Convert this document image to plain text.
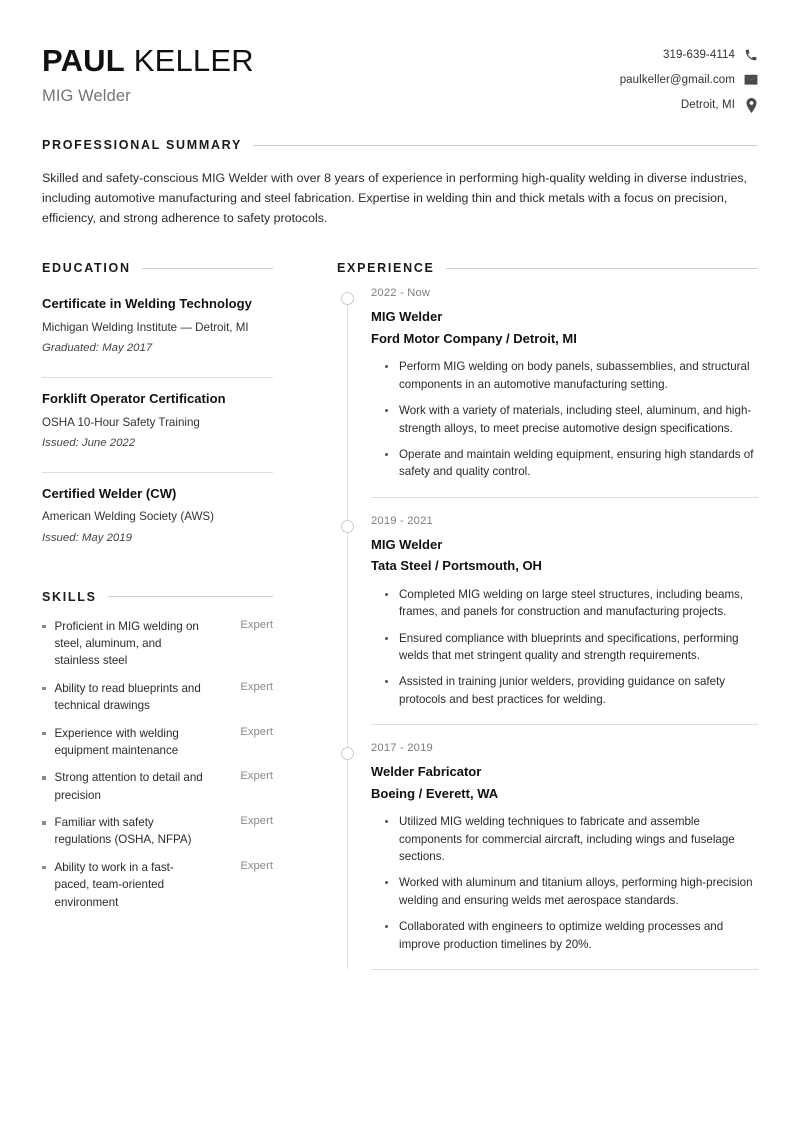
PAUL KELLER
MIG Welder
319-639-4114
paulkeller@gmail.com
Detroit, MI
PROFESSIONAL SUMMARY

Skilled and safety-conscious MIG Welder with over 8 years of experience in performing high-quality welding in diverse industries, including automotive manufacturing and steel fabrication. Expertise in welding thin and thick metals with a focus on precision, efficiency, and strong adherence to safety protocols.

EDUCATION
Certificate in Welding Technology
Michigan Welding Institute — Detroit, MI
Graduated: May 2017
Forklift Operator Certification
OSHA 10-Hour Safety Training
Issued: June 2022
Certified Welder (CW)
American Welding Society (AWS)
Issued: May 2019
SKILLS
Proficient in MIG welding on steel, aluminum, and stainless steel
Expert
Ability to read blueprints and technical drawings
Expert
Experience with welding equipment maintenance
Expert
Strong attention to detail and precision
Expert
Familiar with safety regulations (OSHA, NFPA)
Expert
Ability to work in a fast-paced, team-oriented environment
Expert
EXPERIENCE
2022 - Now
MIG Welder
Ford Motor Company / Detroit, MI
Perform MIG welding on body panels, subassemblies, and structural components in an automotive manufacturing setting.
Work with a variety of materials, including steel, aluminum, and high-strength alloys, to meet precise automotive design specifications.
Operate and maintain welding equipment, ensuring high standards of safety and quality control.
2019 - 2021
MIG Welder
Tata Steel / Portsmouth, OH
Completed MIG welding on large steel structures, including beams, frames, and panels for construction and manufacturing projects.
Ensured compliance with blueprints and specifications, performing welds that met stringent quality and strength requirements.
Assisted in training junior welders, providing guidance on safety protocols and best practices for welding.
2017 - 2019
Welder Fabricator
Boeing / Everett, WA
Utilized MIG welding techniques to fabricate and assemble components for commercial aircraft, including wings and fuselage sections.
Worked with aluminum and titanium alloys, performing high-precision welding and ensuring welds met aerospace standards.
Collaborated with engineers to optimize welding processes and improve production timelines by 20%.
